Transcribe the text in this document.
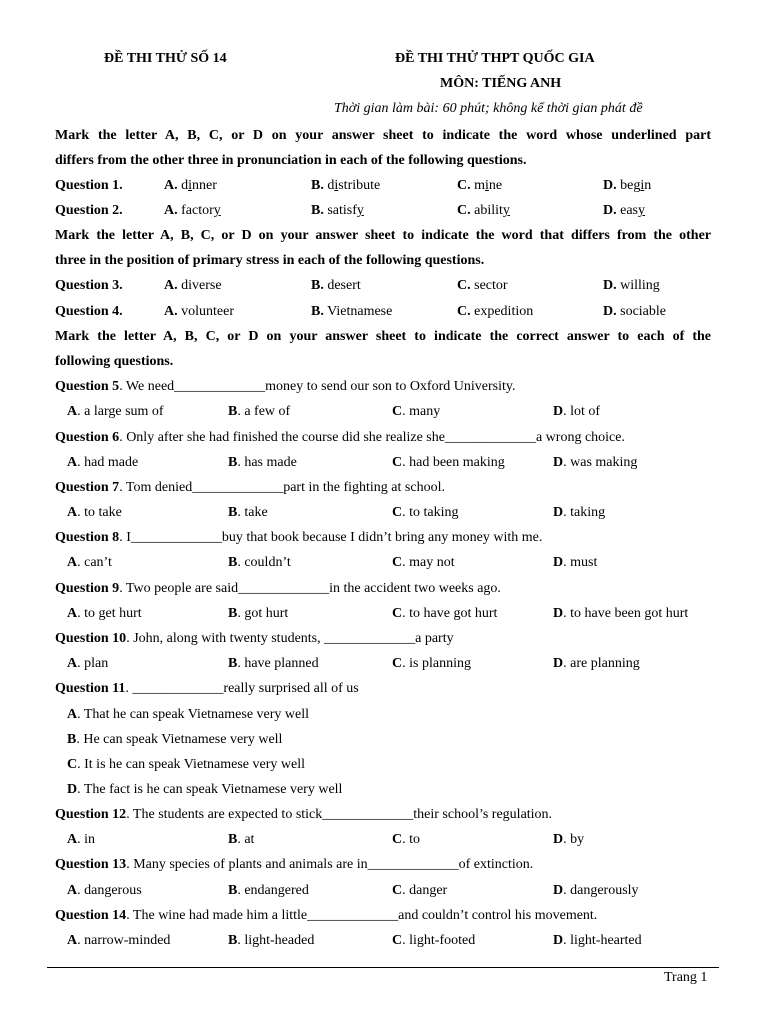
ĐỀ THI THỬ SỐ 14	ĐỀ THI THỬ THPT QUỐC GIA
MÔN: TIẾNG ANH
Thời gian làm bài: 60 phút; không kể thời gian phát đề
Mark the letter A, B, C, or D on your answer sheet to indicate the word whose underlined part
differs from the other three in pronunciation in each of the following questions.
Question 1.	A. dinner	B. distribute	C. mine	D. begin
Question 2.	A. factory	B. satisfy	C. ability	D. easy
Mark the letter A, B, C, or D on your answer sheet to indicate the word that differs from the other
three in the position of primary stress in each of the following questions.
Question 3.	A. diverse	B. desert	C. sector	D. willing
Question 4.	A. volunteer	B. Vietnamese	C. expedition	D. sociable
Mark the letter A, B, C, or D on your answer sheet to indicate the correct answer to each of the
following questions.
Question 5. We need_____________money to send our son to Oxford University.
A. a large sum of	B. a few of	C. many	D. lot of
Question 6. Only after she had finished the course did she realize she_____________a wrong choice.
A. had made	B. has made	C. had been making	D. was making
Question 7. Tom denied_____________part in the fighting at school.
A. to take	B. take	C. to taking	D. taking
Question 8. I_____________buy that book because I didn’t bring any money with me.
A. can’t	B. couldn’t	C. may not	D. must
Question 9. Two people are said_____________in the accident two weeks ago.
A. to get hurt	B. got hurt	C. to have got hurt	D. to have been got hurt
Question 10. John, along with twenty students, _____________a party
A. plan	B. have planned	C. is planning	D. are planning
Question 11. _____________really surprised all of us
A. That he can speak Vietnamese very well
B. He can speak Vietnamese very well
C. It is he can speak Vietnamese very well
D. The fact is he can speak Vietnamese very well
Question 12. The students are expected to stick_____________their school’s regulation.
A. in	B. at	C. to	D. by
Question 13. Many species of plants and animals are in_____________of extinction.
A. dangerous	B. endangered	C. danger	D. dangerously
Question 14. The wine had made him a little_____________and couldn’t control his movement.
A. narrow-minded	B. light-headed	C. light-footed	D. light-hearted
Trang 1
